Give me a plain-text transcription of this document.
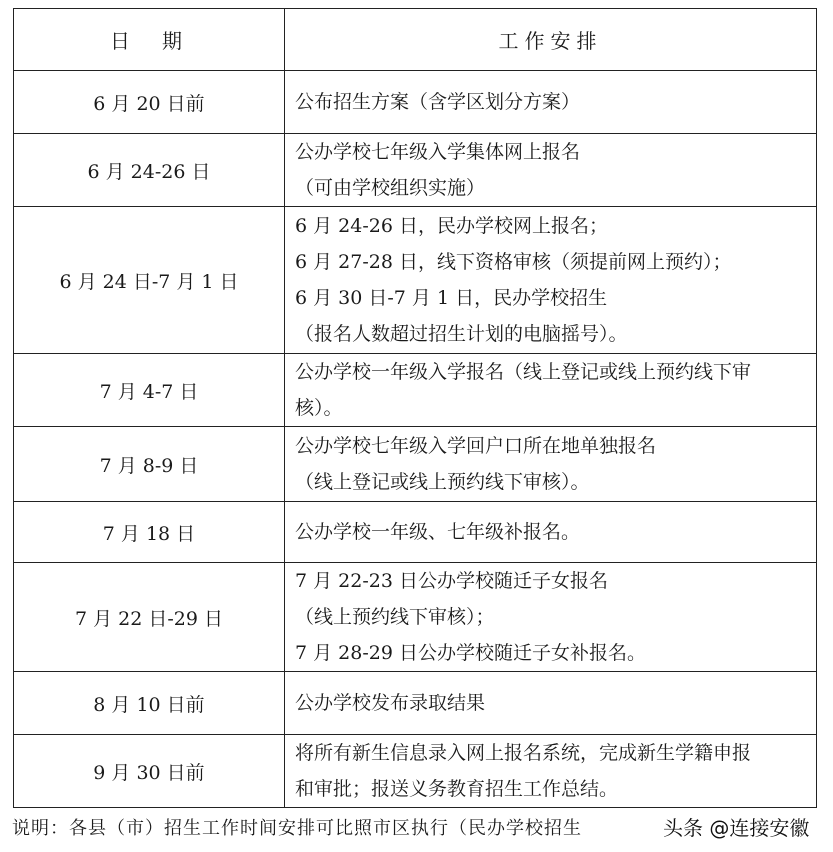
日　期	工作安排
6 月 20 日前	公布招生方案（含学区划分方案）

6 月 24-26 日	公办学校七年级入学集体网上报名
（可由学校组织实施）

6 月 24 日-7 月 1 日	6 月 24-26 日，民办学校网上报名；
6 月 27-28 日，线下资格审核（须提前网上预约）；
6 月 30 日-7 月 1 日，民办学校招生
（报名人数超过招生计划的电脑摇号）。

7 月 4-7 日	公办学校一年级入学报名（线上登记或线上预约线下审
核）。

7 月 8-9 日	公办学校七年级入学回户口所在地单独报名
（线上登记或线上预约线下审核）。

7 月 18 日	公办学校一年级、七年级补报名。

7 月 22 日-29 日	7 月 22-23 日公办学校随迁子女报名
（线上预约线下审核）；
7 月 28-29 日公办学校随迁子女补报名。

8 月 10 日前	公办学校发布录取结果

9 月 30 日前	将所有新生信息录入网上报名系统，完成新生学籍申报
和审批；报送义务教育招生工作总结。
说明：各县（市）招生工作时间安排可比照市区执行（民办学校招生	头条 @连接安徽
